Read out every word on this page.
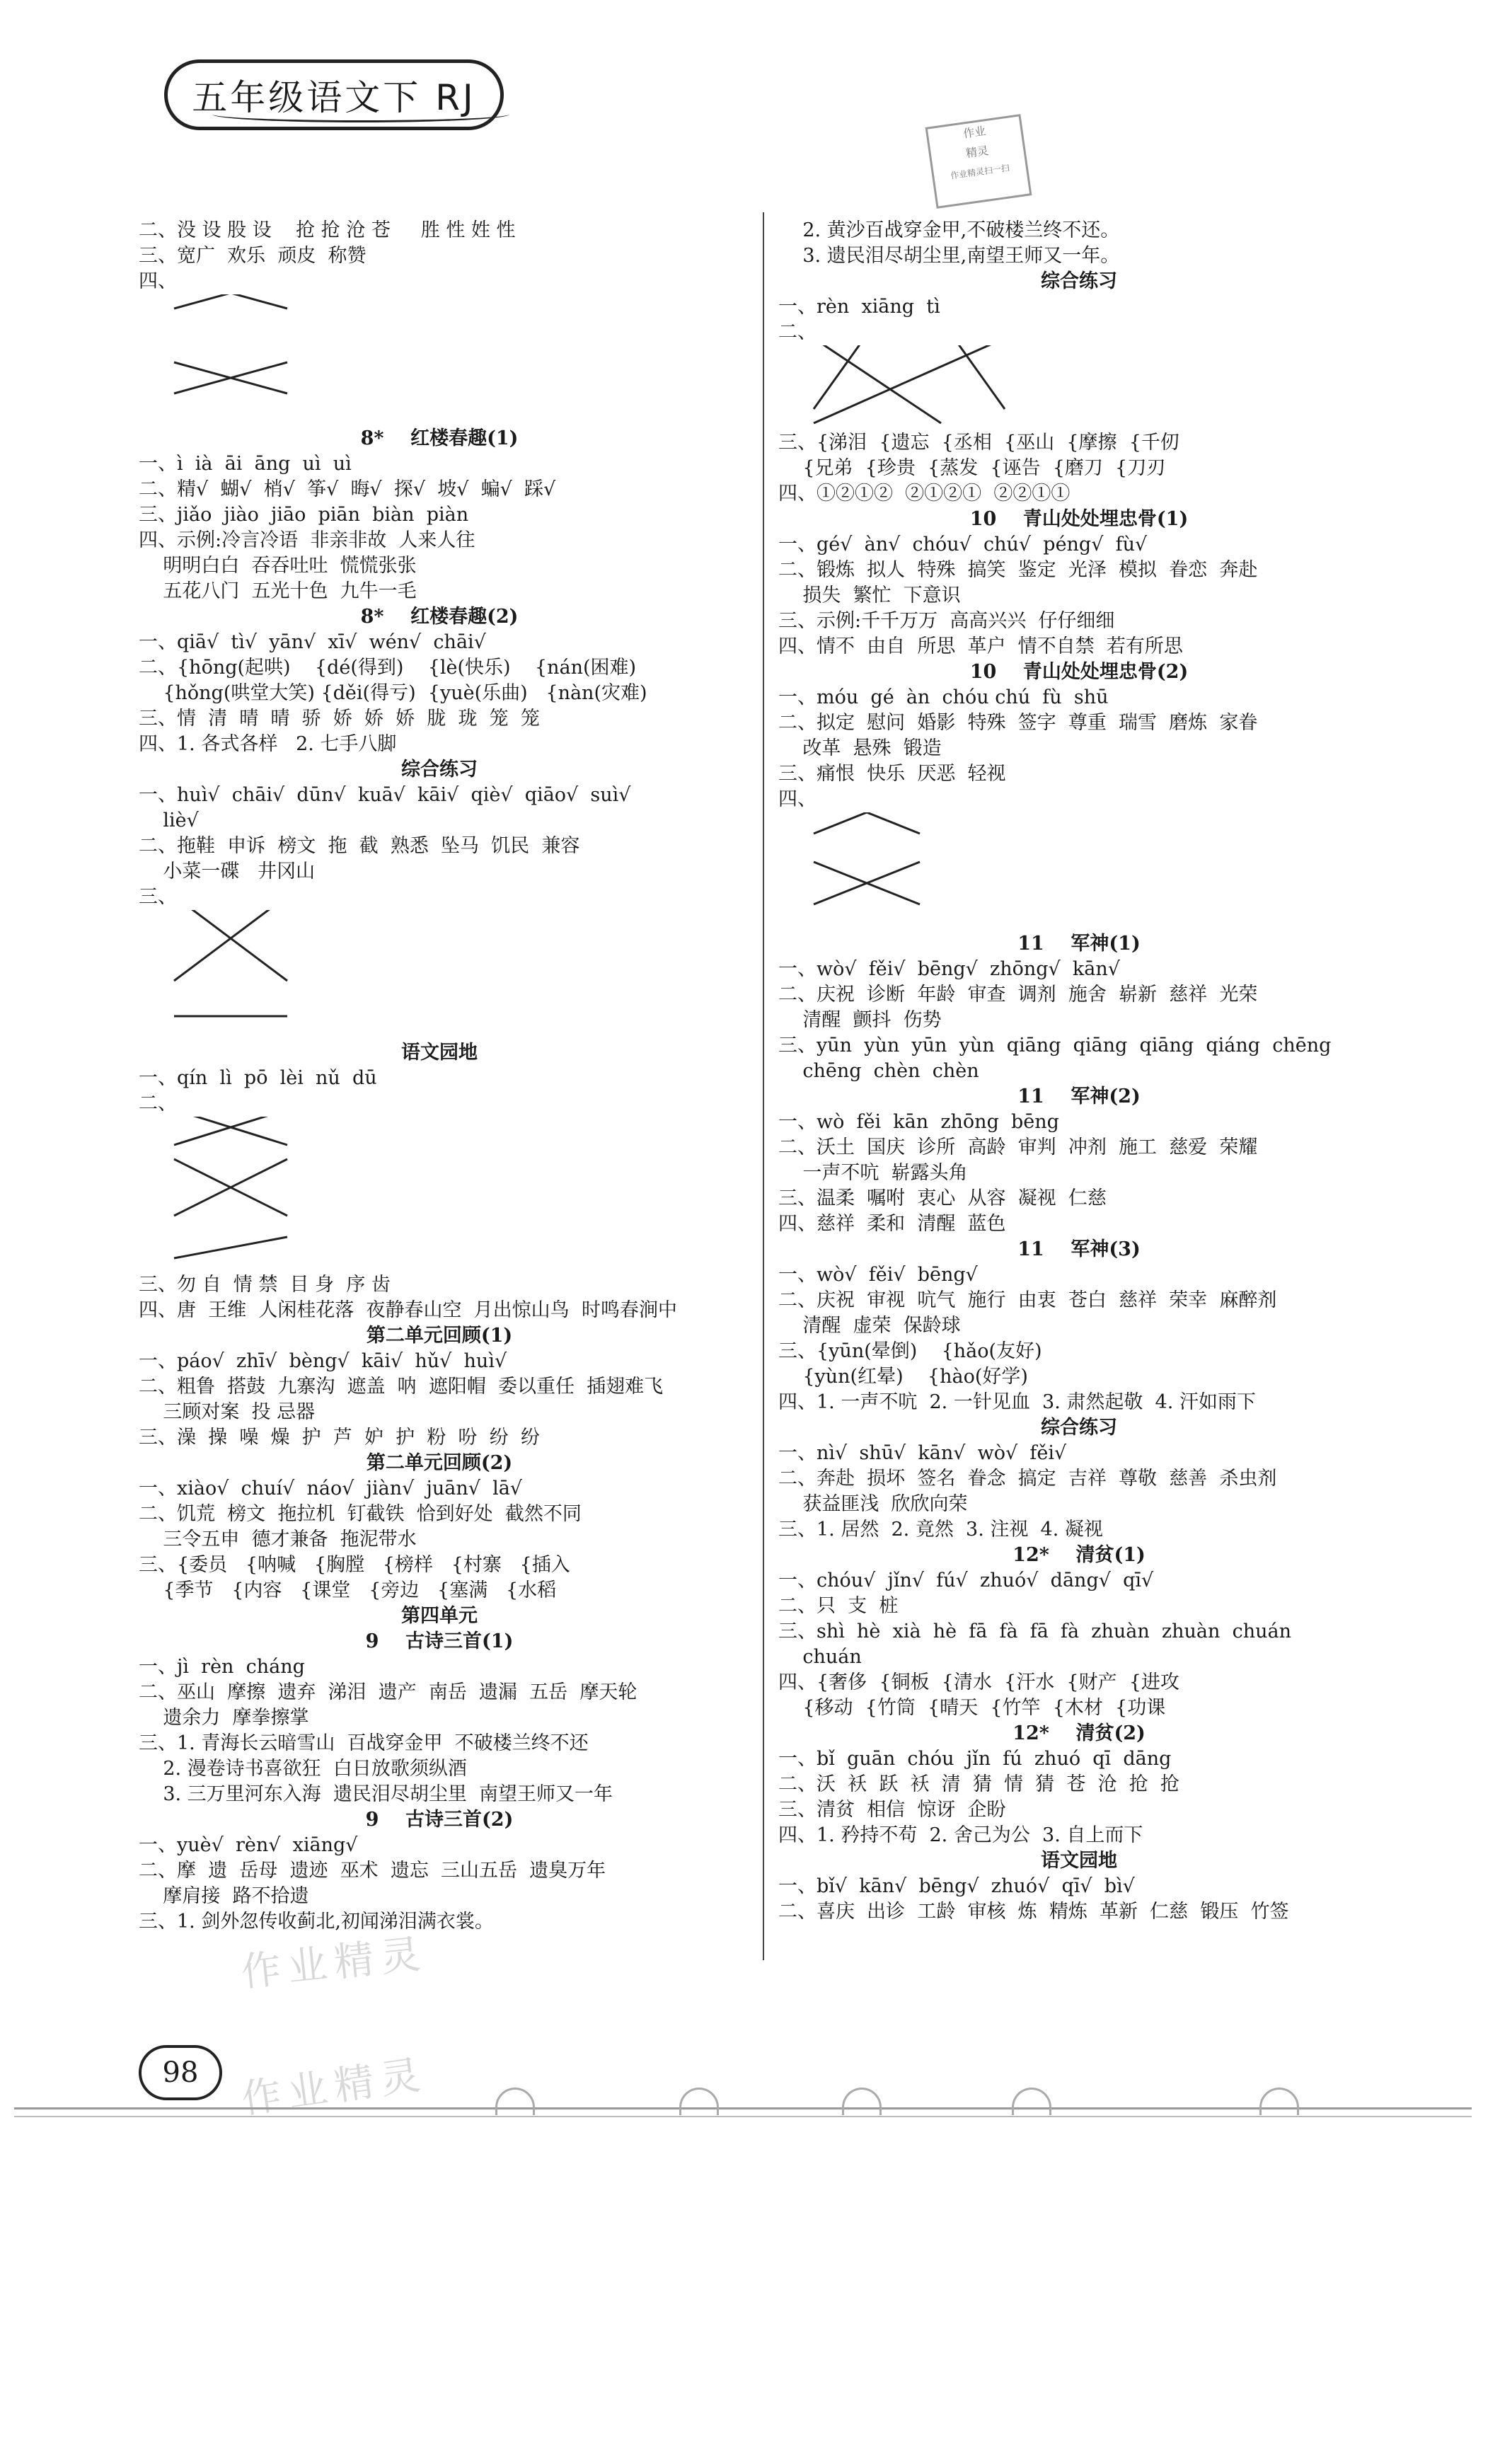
五年级语文下 RJ
作业
精灵
作业精灵扫一扫
二、没 设 股 设    抢 抢 沧 苍     胜 性 姓 性
三、宽广  欢乐  顽皮  称赞
四、
8*    红楼春趣(1)
一、ì  ià  āi  āng  uì  uì
二、精√  蝴√  梢√  筝√  晦√  探√  坡√  蝙√  踩√
三、jiǎo  jiào  jiāo  piān  biàn  piàn
四、示例:冷言冷语  非亲非故  人来人往
明明白白  吞吞吐吐  慌慌张张
五花八门  五光十色  九牛一毛
8*    红楼春趣(2)
一、qiā√  tì√  yān√  xī√  wén√  chāi√
二、{hōng(起哄)    {dé(得到)    {lè(快乐)    {nán(困难)
{hǒng(哄堂大笑) {děi(得亏)  {yuè(乐曲)   {nàn(灾难)
三、情  清  晴  晴  骄  娇  娇  娇  胧  珑  笼  笼
四、1. 各式各样   2. 七手八脚
综合练习
一、huì√  chāi√  dūn√  kuā√  kāi√  qiè√  qiāo√  suì√
liè√
二、拖鞋  申诉  榜文  拖  截  熟悉  坠马  饥民  兼容
小菜一碟   井冈山
三、
语文园地
一、qín  lì  pō  lèi  nǔ  dū
二、
三、勿 自  情 禁  目 身  序 齿
四、唐  王维  人闲桂花落  夜静春山空  月出惊山鸟  时鸣春涧中
第二单元回顾(1)
一、páo√  zhī√  bèng√  kāi√  hǔ√  huì√
二、粗鲁  搭鼓  九寨沟  遮盖  呐  遮阳帽  委以重任  插翅难飞
三顾对案  投 忌器
三、澡  操  噪  燥  护  芦  妒  护  粉  吩  纷  纷
第二单元回顾(2)
一、xiào√  chuí√  náo√  jiàn√  juān√  lā√
二、饥荒  榜文  拖拉机  钉截铁  恰到好处  截然不同
三令五申  德才兼备  拖泥带水
三、{委员   {呐喊   {胸膛   {榜样   {村寨   {插入
{季节   {内容   {课堂   {旁边   {塞满   {水稻
第四单元
9    古诗三首(1)
一、jì  rèn  cháng
二、巫山  摩擦  遗弃  涕泪  遗产  南岳  遗漏  五岳  摩天轮
遗余力  摩拳擦掌
三、1. 青海长云暗雪山  百战穿金甲  不破楼兰终不还
2. 漫卷诗书喜欲狂  白日放歌须纵酒
3. 三万里河东入海  遗民泪尽胡尘里  南望王师又一年
9    古诗三首(2)
一、yuè√  rèn√  xiāng√
二、摩  遗  岳母  遗迹  巫术  遗忘  三山五岳  遗臭万年
摩肩接  路不拾遗
三、1. 剑外忽传收蓟北,初闻涕泪满衣裳。
2. 黄沙百战穿金甲,不破楼兰终不还。
3. 遗民泪尽胡尘里,南望王师又一年。
综合练习
一、rèn  xiāng  tì
二、
三、{涕泪  {遗忘  {丞相  {巫山  {摩擦  {千仞
{兄弟  {珍贵  {蒸发  {诬告  {磨刀  {刀刃
四、①②①②  ②①②①  ②②①①
10    青山处处埋忠骨(1)
一、gé√  àn√  chóu√  chú√  péng√  fù√
二、锻炼  拟人  特殊  搞笑  鉴定  光泽  模拟  眷恋  奔赴
损失  繁忙  下意识
三、示例:千千万万  高高兴兴  仔仔细细
四、情不  由自  所思  革户  情不自禁  若有所思
10    青山处处埋忠骨(2)
一、móu  gé  àn  chóu chú  fù  shū
二、拟定  慰问  婚影  特殊  签字  尊重  瑞雪  磨炼  家眷
改革  悬殊  锻造
三、痛恨  快乐  厌恶  轻视
四、
11    军神(1)
一、wò√  fěi√  bēng√  zhōng√  kān√
二、庆祝  诊断  年龄  审查  调剂  施舍  崭新  慈祥  光荣
清醒  颤抖  伤势
三、yūn  yùn  yūn  yùn  qiāng  qiāng  qiāng  qiáng  chēng
chēng  chèn  chèn
11    军神(2)
一、wò  fěi  kān  zhōng  bēng
二、沃土  国庆  诊所  高龄  审判  冲剂  施工  慈爱  荣耀
一声不吭  崭露头角
三、温柔  嘱咐  衷心  从容  凝视  仁慈
四、慈祥  柔和  清醒  蓝色
11    军神(3)
一、wò√  fěi√  bēng√
二、庆祝  审视  吭气  施行  由衷  苍白  慈祥  荣幸  麻醉剂
清醒  虚荣  保龄球
三、{yūn(晕倒)    {hǎo(友好)
{yùn(红晕)    {hào(好学)
四、1. 一声不吭  2. 一针见血  3. 肃然起敬  4. 汗如雨下
综合练习
一、nì√  shū√  kān√  wò√  fěi√
二、奔赴  损坏  签名  眷念  搞定  吉祥  尊敬  慈善  杀虫剂
获益匪浅  欣欣向荣
三、1. 居然  2. 竟然  3. 注视  4. 凝视
12*    清贫(1)
一、chóu√  jǐn√  fú√  zhuó√  dāng√  qī√
二、只  支  桩
三、shì  hè  xià  hè  fā  fà  fā  fà  zhuàn  zhuàn  chuán
chuán
四、{奢侈  {铜板  {清水  {汗水  {财产  {进攻
{移动  {竹筒  {晴天  {竹竿  {木材  {功课
12*    清贫(2)
一、bǐ  guān  chóu  jǐn  fú  zhuó  qī  dāng
二、沃  袄  跃  袄  清  猜  情  猜  苍  沧  抢  抢
三、清贫  相信  惊讶  企盼
四、1. 矜持不苟  2. 舍己为公  3. 自上而下
语文园地
一、bǐ√  kān√  bēng√  zhuó√  qī√  bì√
二、喜庆  出诊  工龄  审核  炼  精炼  革新  仁慈  锻压  竹签
作业精灵
作业精灵
98
